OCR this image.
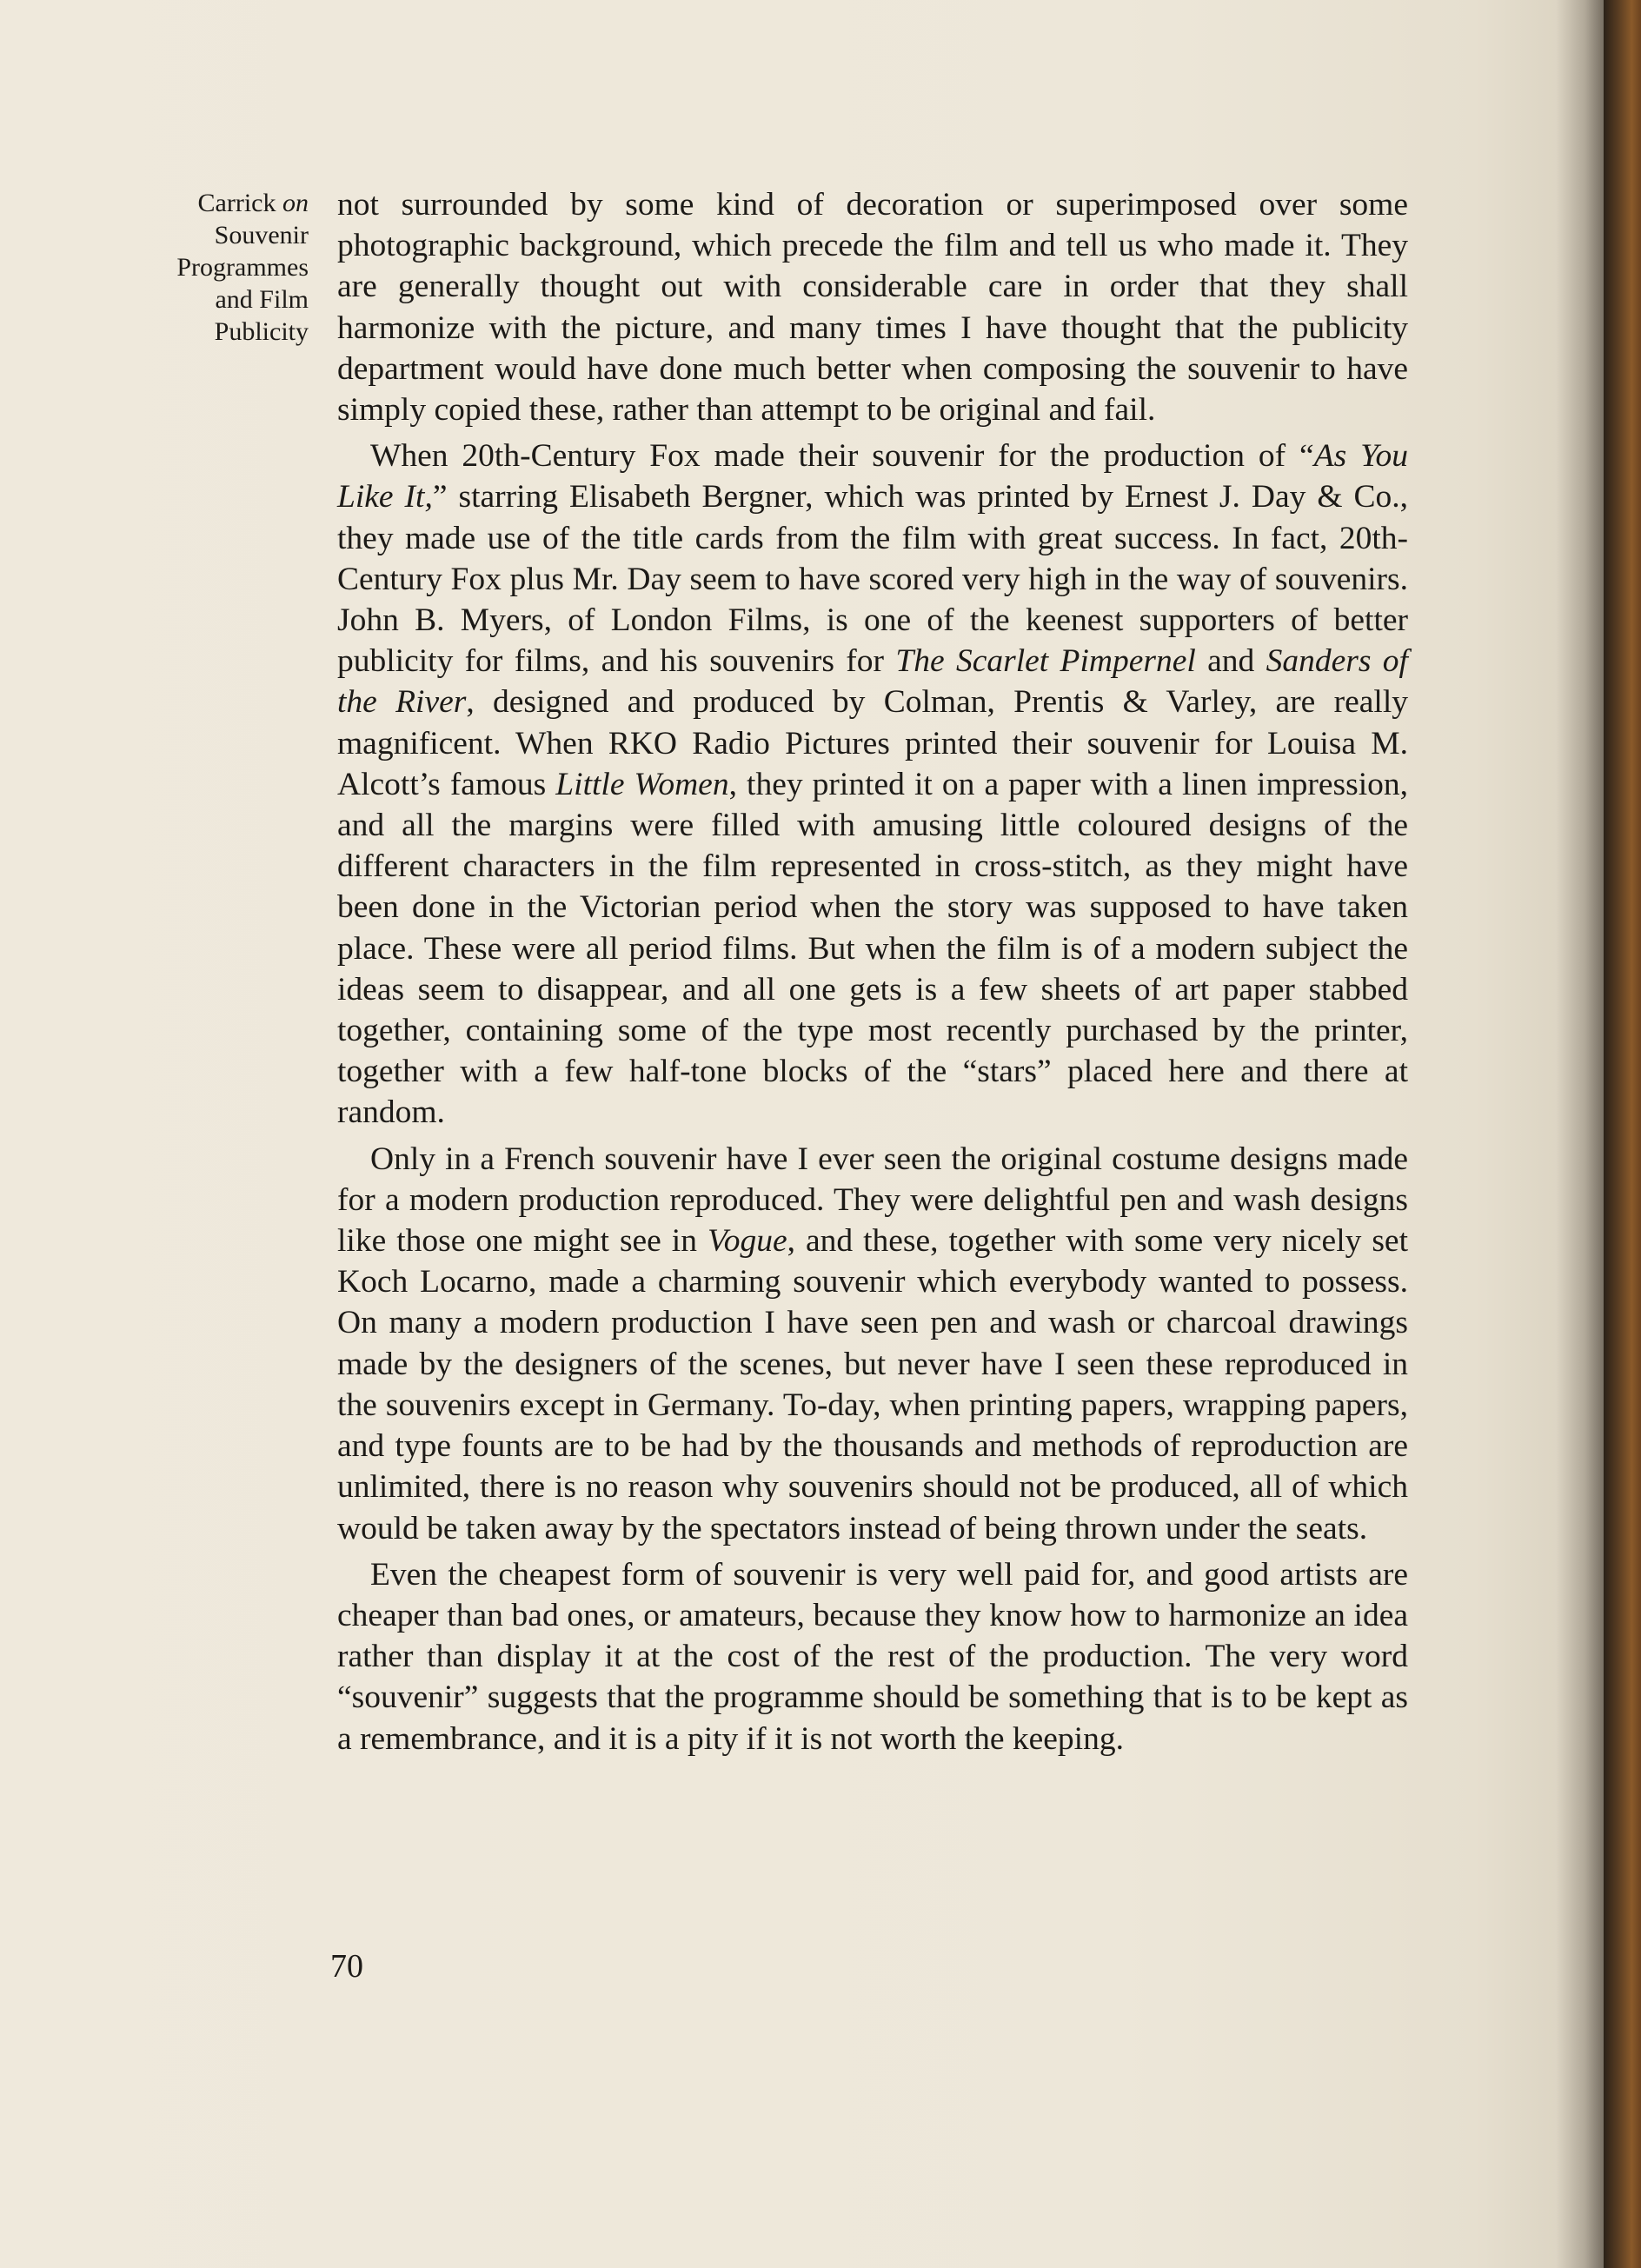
Carrick on
Souvenir
Programmes
and Film
Publicity

not surrounded by some kind of decoration or superimposed over some photographic background, which precede the film and tell us who made it. They are generally thought out with considerable care in order that they shall harmonize with the picture, and many times I have thought that the publicity department would have done much better when composing the souvenir to have simply copied these, rather than attempt to be original and fail.

When 20th-Century Fox made their souvenir for the production of “As You Like It,” starring Elisabeth Bergner, which was printed by Ernest J. Day & Co., they made use of the title cards from the film with great success. In fact, 20th-Century Fox plus Mr. Day seem to have scored very high in the way of souvenirs. John B. Myers, of London Films, is one of the keenest supporters of better publicity for films, and his souvenirs for The Scarlet Pimpernel and Sanders of the River, designed and produced by Colman, Prentis & Varley, are really magnificent. When RKO Radio Pictures printed their souvenir for Louisa M. Alcott’s famous Little Women, they printed it on a paper with a linen impression, and all the margins were filled with amusing little coloured designs of the different characters in the film represented in cross-stitch, as they might have been done in the Victorian period when the story was supposed to have taken place. These were all period films. But when the film is of a modern subject the ideas seem to disappear, and all one gets is a few sheets of art paper stabbed together, containing some of the type most recently purchased by the printer, together with a few half-tone blocks of the “stars” placed here and there at random.

Only in a French souvenir have I ever seen the original costume designs made for a modern production reproduced. They were delightful pen and wash designs like those one might see in Vogue, and these, together with some very nicely set Koch Locarno, made a charming souvenir which everybody wanted to possess. On many a modern production I have seen pen and wash or charcoal drawings made by the designers of the scenes, but never have I seen these reproduced in the souvenirs except in Germany. To-day, when printing papers, wrapping papers, and type founts are to be had by the thousands and methods of reproduction are unlimited, there is no reason why souvenirs should not be produced, all of which would be taken away by the spectators instead of being thrown under the seats.

Even the cheapest form of souvenir is very well paid for, and good artists are cheaper than bad ones, or amateurs, because they know how to harmonize an idea rather than display it at the cost of the rest of the production. The very word “souvenir” suggests that the programme should be something that is to be kept as a remembrance, and it is a pity if it is not worth the keeping.

70
